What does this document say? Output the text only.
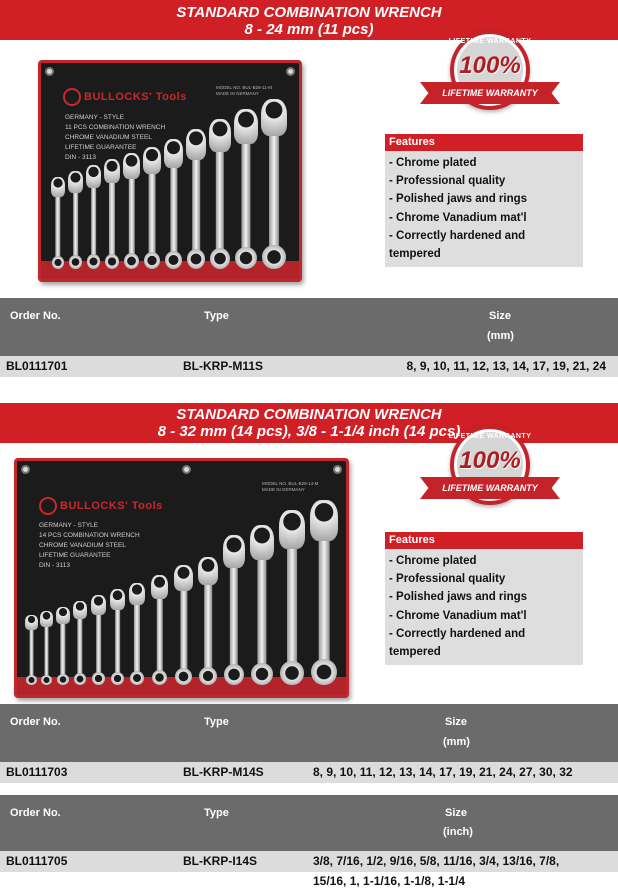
STANDARD COMBINATION WRENCH
8 - 24 mm (11 pcs)
BULLOCKS' Tools
GERMANY - STYLE
11 PCS COMBINATION WRENCH
CHROME VANADIUM STEEL
LIFETIME GUARANTEE
DIN - 3113
MODEL NO. BUL-B28-11-M
MADE IN GERMANY
LIFETIME WARRANTY
100%
LIFETIME WARRANTY
Features
- Chrome plated
- Professional quality
- Polished jaws and rings
- Chrome Vanadium mat'l
- Correctly hardened and tempered
Order No.	Type	Size
(mm)
BL0111701	BL-KRP-M11S	8, 9, 10, 11, 12, 13, 14, 17, 19, 21, 24
STANDARD COMBINATION WRENCH
8 - 32 mm (14 pcs), 3/8 - 1-1/4 inch (14 pcs)
BULLOCKS' Tools
GERMANY - STYLE
14 PCS COMBINATION WRENCH
CHROME VANADIUM STEEL
LIFETIME GUARANTEE
DIN - 3113
MODEL NO. BUL-B28-14-M
MADE IN GERMANY
LIFETIME WARRANTY
100%
LIFETIME WARRANTY
Features
- Chrome plated
- Professional quality
- Polished jaws and rings
- Chrome Vanadium mat'l
- Correctly hardened and tempered
Order No.	Type	Size
(mm)
BL0111703	BL-KRP-M14S	8, 9, 10, 11, 12, 13, 14, 17, 19, 21, 24, 27, 30, 32
Order No.	Type	Size
(inch)
BL0111705	BL-KRP-I14S	3/8, 7/16, 1/2, 9/16, 5/8, 11/16, 3/4, 13/16, 7/8,
15/16, 1, 1-1/16, 1-1/8, 1-1/4
